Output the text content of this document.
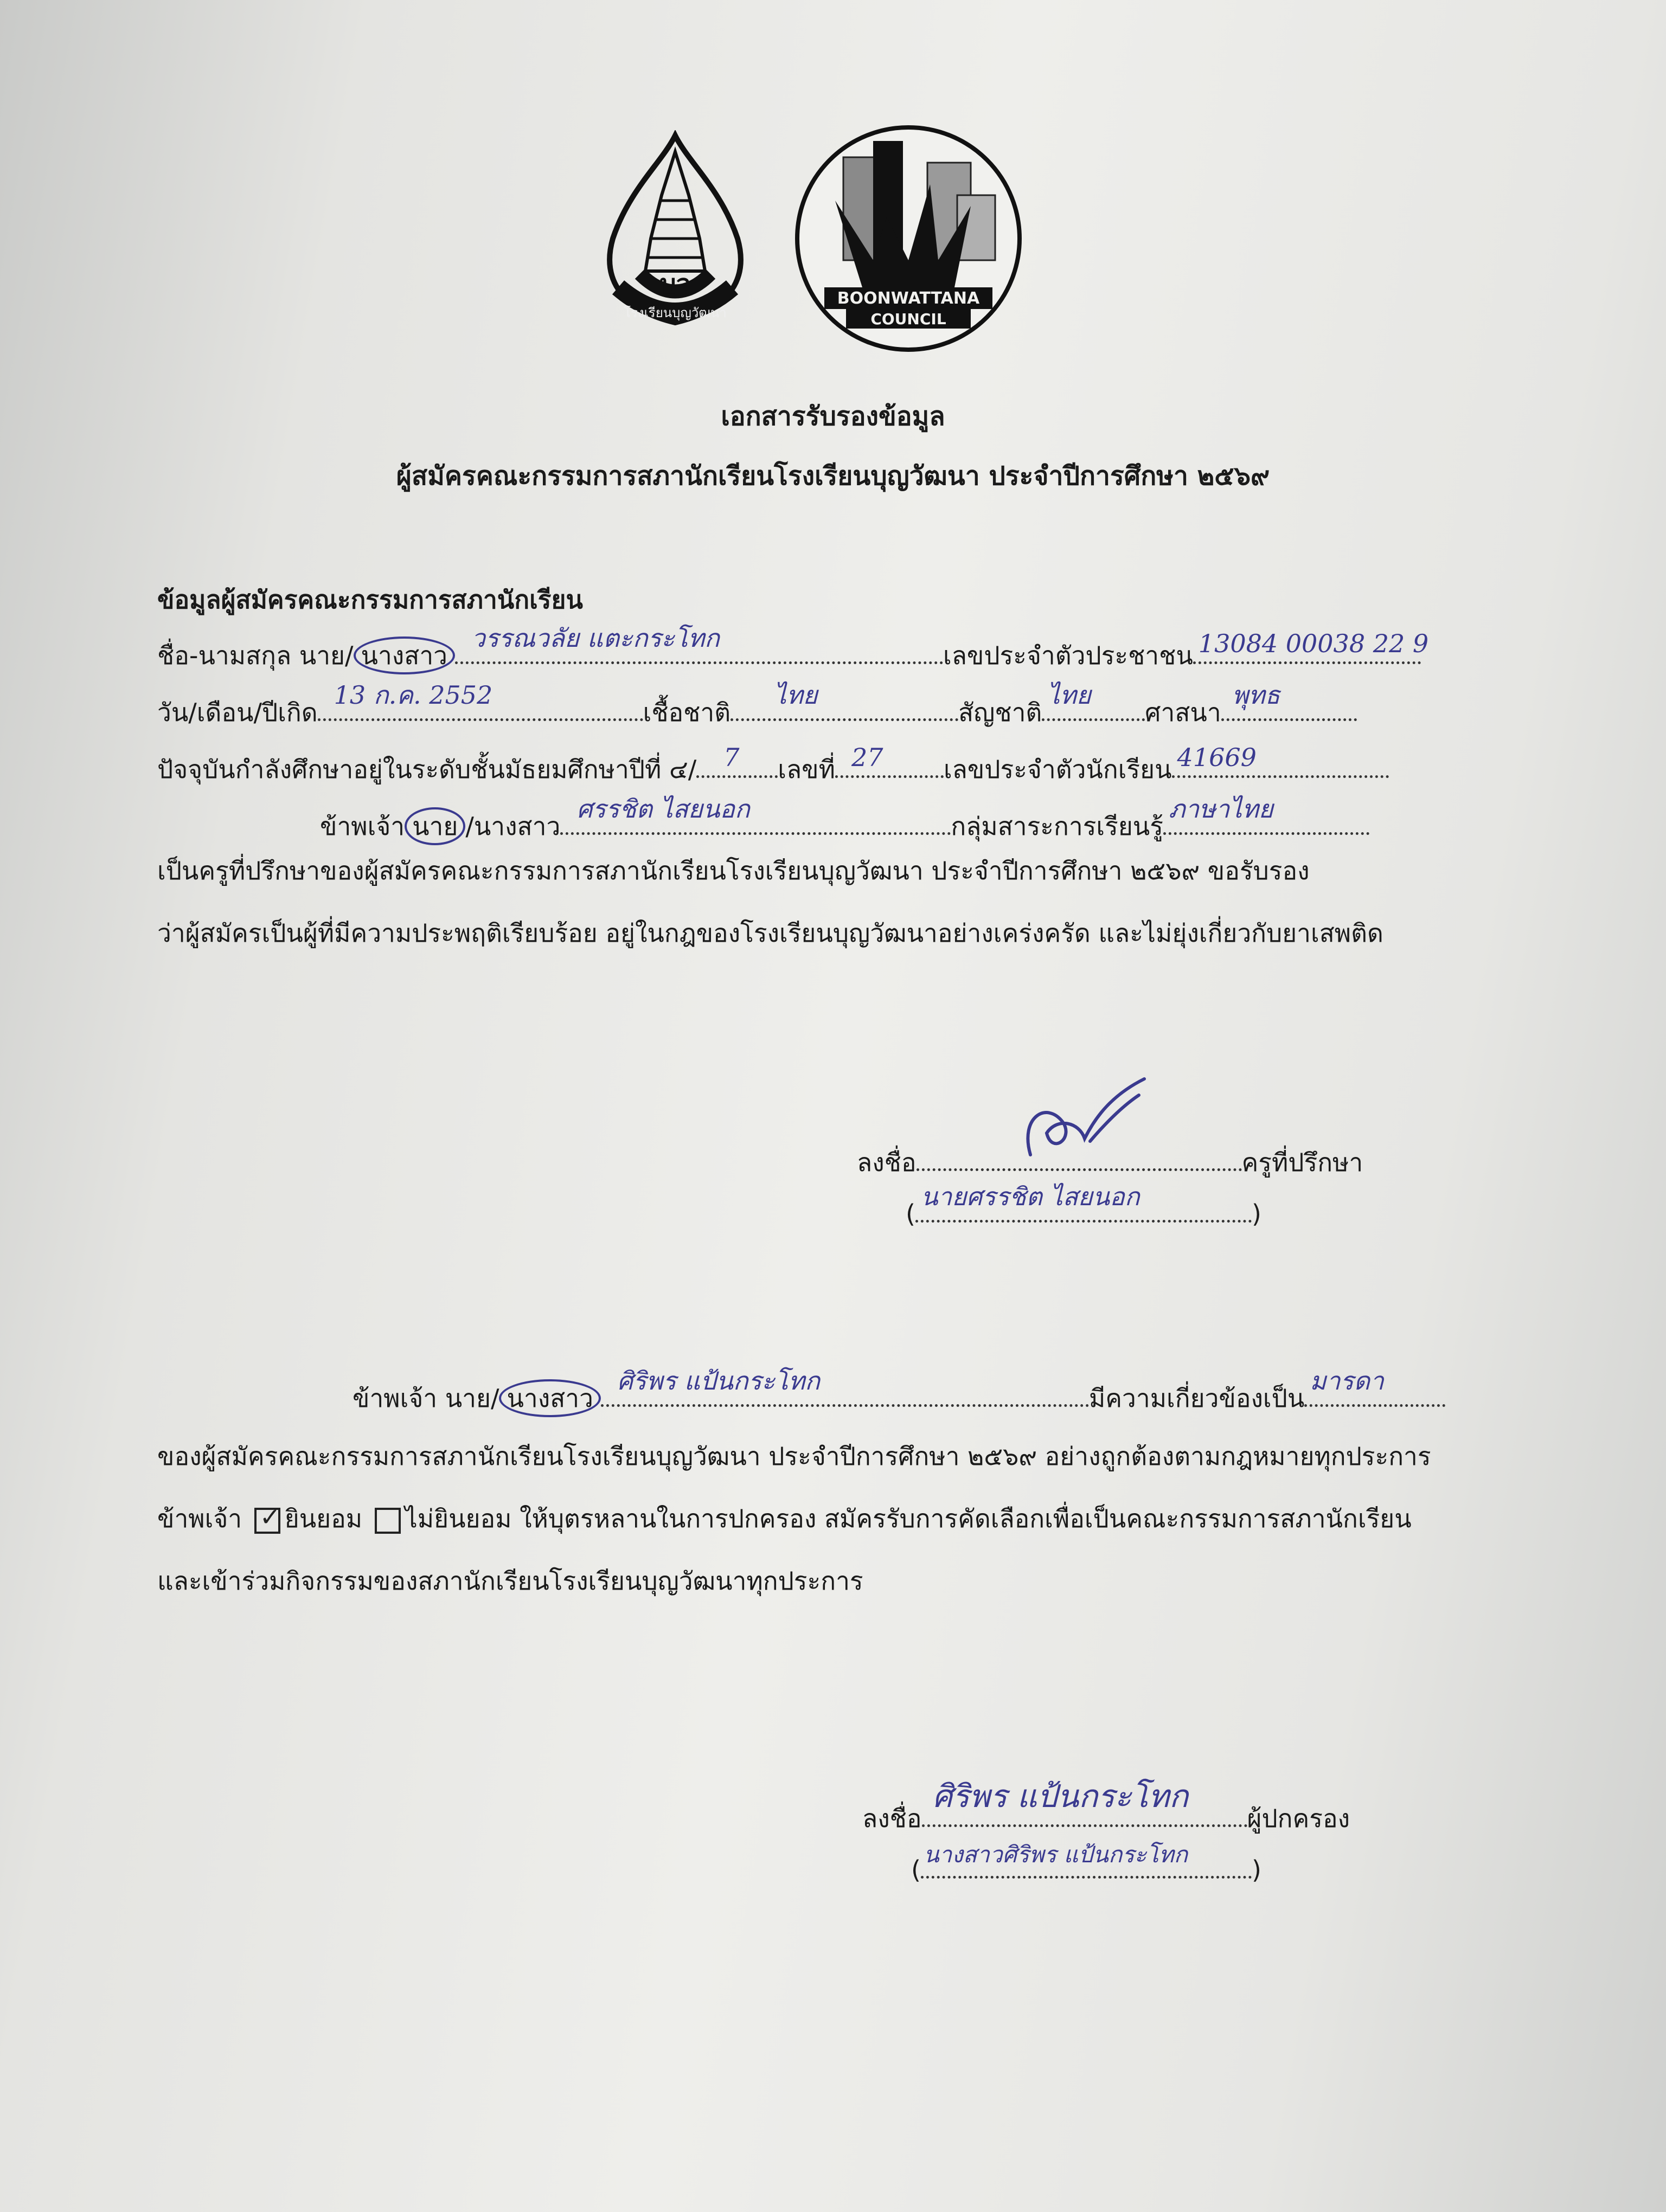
บว
โรงเรียนบุญวัฒนา
BOONWATTANA
COUNCIL
เอกสารรับรองข้อมูล
ผู้สมัครคณะกรรมการสภานักเรียนโรงเรียนบุญวัฒนา ประจำปีการศึกษา ๒๕๖๙
ข้อมูลผู้สมัครคณะกรรมการสภานักเรียน
ชื่อ-นามสกุล นาย/ นางสาว
วรรณวลัย แตะกระโทก
เลขประจำตัวประชาชน 13084 00038 22 9
วัน/เดือน/ปีเกิด
13 ก.ค. 2552
เชื้อชาติ
ไทย
สัญชาติ
ไทย
ศาสนา
พุทธ
ปัจจุบันกำลังศึกษาอยู่ในระดับชั้นมัธยมศึกษาปีที่ ๔/ 7 เลขที่ 27 เลขประจำตัวนักเรียน 41669
ข้าพเจ้า นาย /นางสาว
ศรรชิต ไสยนอก
กลุ่มสาระการเรียนรู้
ภาษาไทย
เป็นครูที่ปรึกษาของผู้สมัครคณะกรรมการสภานักเรียนโรงเรียนบุญวัฒนา ประจำปีการศึกษา ๒๕๖๙ ขอรับรอง
ว่าผู้สมัครเป็นผู้ที่มีความประพฤติเรียบร้อย อยู่ในกฎของโรงเรียนบุญวัฒนาอย่างเคร่งครัด และไม่ยุ่งเกี่ยวกับยาเสพติด
ลงชื่อ	ครูที่ปรึกษา
(
นายศรรชิต ไสยนอก
)
ข้าพเจ้า นาย/ นางสาว
ศิริพร แป้นกระโทก
มีความเกี่ยวข้องเป็น
มารดา
ของผู้สมัครคณะกรรมการสภานักเรียนโรงเรียนบุญวัฒนา ประจำปีการศึกษา ๒๕๖๙ อย่างถูกต้องตามกฎหมายทุกประการ
ข้าพเจ้า ✓ ยินยอม ไม่ยินยอม ให้บุตรหลานในการปกครอง สมัครรับการคัดเลือกเพื่อเป็นคณะกรรมการสภานักเรียน
และเข้าร่วมกิจกรรมของสภานักเรียนโรงเรียนบุญวัฒนาทุกประการ
ลงชื่อ
ศิริพร แป้นกระโทก
ผู้ปกครอง
(
นางสาวศิริพร แป้นกระโทก
)
